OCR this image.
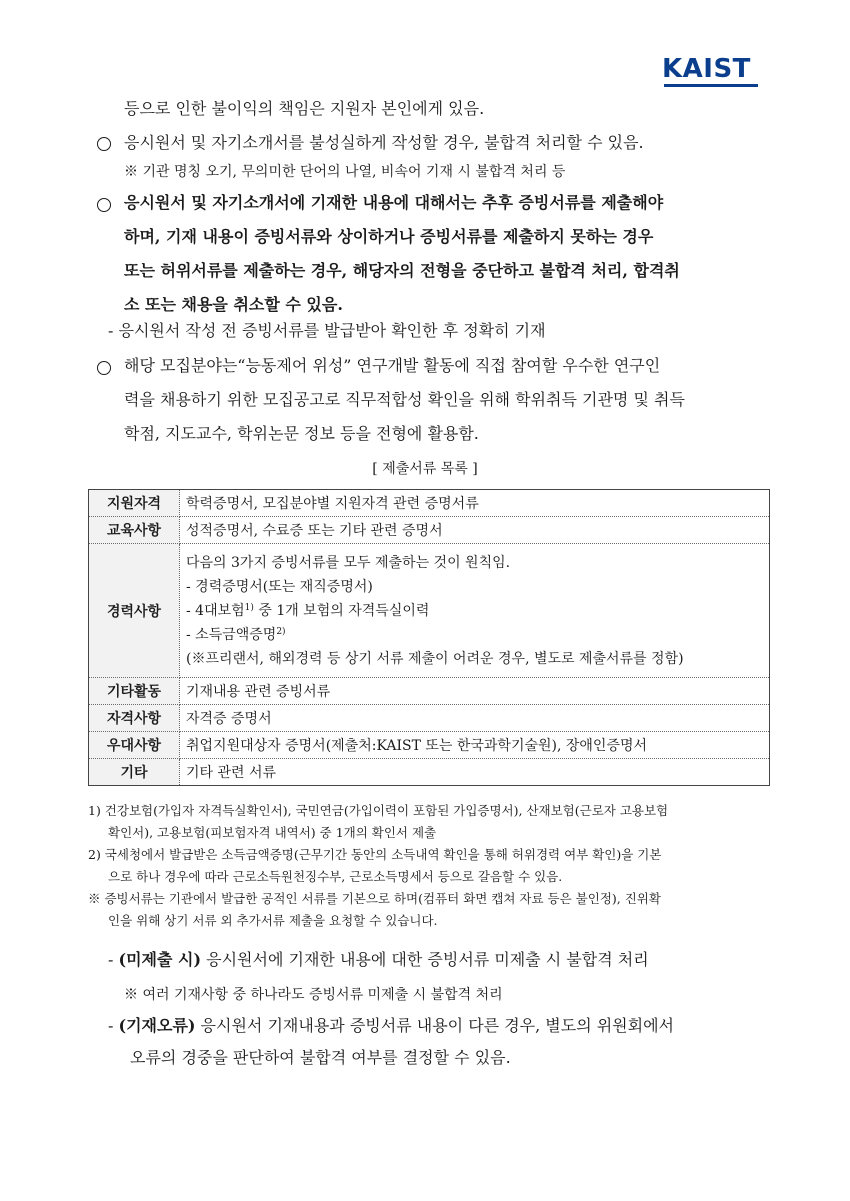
KAIST
등으로 인한 불이익의 책임은 지원자 본인에게 있음.
응시원서 및 자기소개서를 불성실하게 작성할 경우, 불합격 처리할 수 있음.
※ 기관 명칭 오기, 무의미한 단어의 나열, 비속어 기재 시 불합격 처리 등
응시원서 및 자기소개서에 기재한 내용에 대해서는 추후 증빙서류를 제출해야
하며, 기재 내용이 증빙서류와 상이하거나 증빙서류를 제출하지 못하는 경우
또는 허위서류를 제출하는 경우, 해당자의 전형을 중단하고 불합격 처리, 합격취
소 또는 채용을 취소할 수 있음.
- 응시원서 작성 전 증빙서류를 발급받아 확인한 후 정확히 기재
해당 모집분야는“능동제어 위성” 연구개발 활동에 직접 참여할 우수한 연구인
력을 채용하기 위한 모집공고로 직무적합성 확인을 위해 학위취득 기관명 및 취득
학점, 지도교수, 학위논문 정보 등을 전형에 활용함.
[ 제출서류 목록 ]
지원자격	학력증명서, 모집분야별 지원자격 관련 증명서류
교육사항	성적증명서, 수료증 또는 기타 관련 증명서
경력사항	다음의 3가지 증빙서류를 모두 제출하는 것이 원칙임.
- 경력증명서(또는 재직증명서)
- 4대보험$^{1)}$ 중 1개 보험의 자격득실이력
- 소득금액증명$^{2)}$
(※프리랜서, 해외경력 등 상기 서류 제출이 어려운 경우, 별도로 제출서류를 정함)

기타활동	기재내용 관련 증빙서류
자격사항	자격증 증명서
우대사항	취업지원대상자 증명서(제출처:KAIST 또는 한국과학기술원), 장애인증명서
기타	기타 관련 서류
1) 건강보험(가입자 자격득실확인서), 국민연금(가입이력이 포함된 가입증명서), 산재보험(근로자 고용보험
확인서), 고용보험(피보험자격 내역서) 중 1개의 확인서 제출
2) 국세청에서 발급받은 소득금액증명(근무기간 동안의 소득내역 확인을 통해 허위경력 여부 확인)을 기본
으로 하나 경우에 따라 근로소득원천징수부, 근로소득명세서 등으로 갈음할 수 있음.
※ 증빙서류는 기관에서 발급한 공적인 서류를 기본으로 하며(컴퓨터 화면 캡쳐 자료 등은 불인정), 진위확
인을 위해 상기 서류 외 추가서류 제출을 요청할 수 있습니다.
- (미제출 시) 응시원서에 기재한 내용에 대한 증빙서류 미제출 시 불합격 처리
※ 여러 기재사항 중 하나라도 증빙서류 미제출 시 불합격 처리
- (기재오류) 응시원서 기재내용과 증빙서류 내용이 다른 경우, 별도의 위원회에서
오류의 경중을 판단하여 불합격 여부를 결정할 수 있음.
